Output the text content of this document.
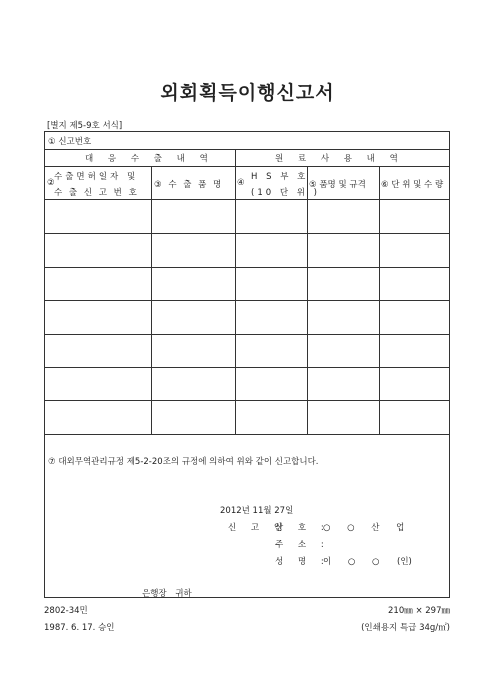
외회획득이행신고서
[별지 제5-9호 서식]
① 신고번호
대 응 수 출 내 역	원 료 사 용 내 역
수출면허일자 및
②
수 출 신 고 번 호
③ 수 출 품 명 ④
H S 부 호
(10 단 위 )
⑤ 품명 및 규격 ⑥ 단 위 및 수 량
⑦ 대외무역관리규정 제5-2-20조의 규정에 의하여 위와 같이 신고합니다.
2012년 11월 27일
신 고 인
상 호 :
○ ○ 산 업
주 소 :
성 명 :
이 ○ ○ (인)
은행장 귀하
2802-34민
1987. 6. 17. 승인
210㎜ × 297㎜
(인쇄용지 특급 34g/㎡)
